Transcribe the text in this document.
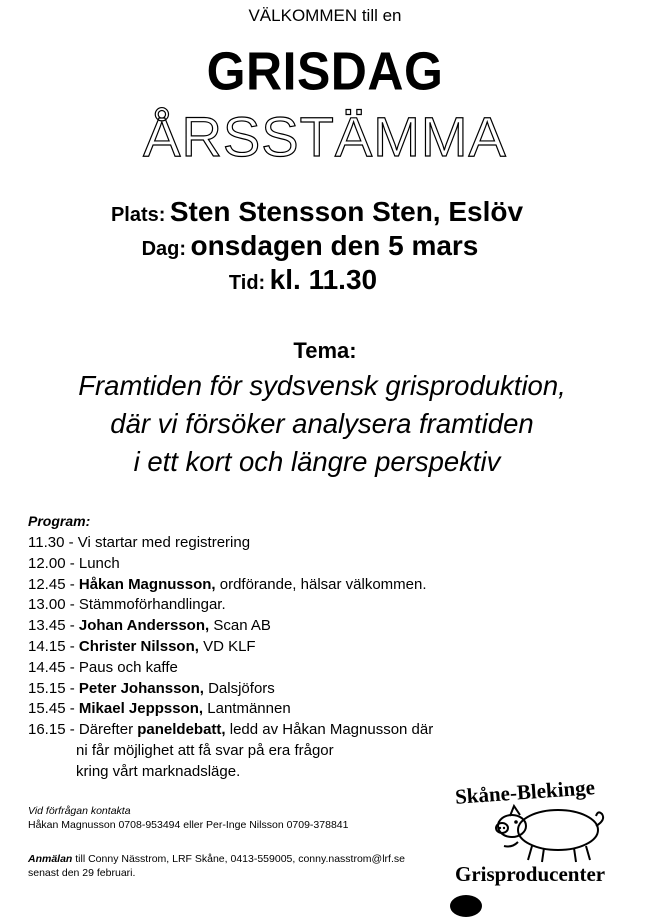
VÄLKOMMEN till en
GRISDAG
ÅRSSTÄMMA
Plats: Sten Stensson Sten, Eslöv
Dag: onsdagen den 5 mars
Tid: kl. 11.30
Tema:
Framtiden för sydsvensk grisproduktion,
där vi försöker analysera framtiden
i ett kort och längre perspektiv
Program:
11.30 - Vi startar med registrering
12.00 - Lunch
12.45 - Håkan Magnusson, ordförande, hälsar välkommen.
13.00 - Stämmoförhandlingar.
13.45 - Johan Andersson, Scan AB
14.15 - Christer Nilsson, VD KLF
14.45 - Paus och kaffe
15.15 - Peter Johansson, Dalsjöfors
15.45 - Mikael Jeppsson, Lantmännen
16.15 - Därefter paneldebatt, ledd av Håkan Magnusson där
ni får möjlighet att få svar på era frågor
kring vårt marknadsläge.
Vid förfrågan kontakta
Håkan Magnusson 0708-953494 eller Per-Inge Nilsson 0709-378841
Anmälan till Conny Nässtrom, LRF Skåne, 0413-559005, conny.nasstrom@lrf.se
senast den 29 februari.
Skåne-Blekinge
Grisproducenter
